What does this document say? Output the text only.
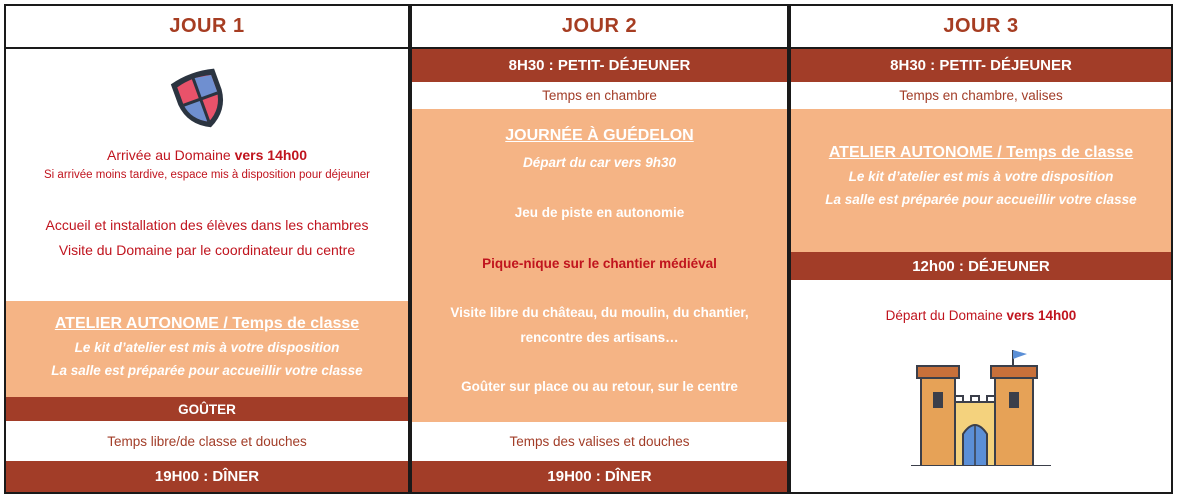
JOUR 1
Arrivée au Domaine vers 14h00
Si arrivée moins tardive, espace mis à disposition pour déjeuner
Accueil et installation des élèves dans les chambres
Visite du Domaine par le coordinateur du centre
ATELIER AUTONOME / Temps de classe
Le kit d’atelier est mis à votre disposition
La salle est préparée pour accueillir votre classe
GOÛTER
Temps libre/de classe et douches
19H00 : DÎNER
JOUR 2
8H30 : PETIT- DÉJEUNER
Temps en chambre
JOURNÉE À GUÉDELON
Départ du car vers 9h30
Jeu de piste en autonomie
Pique-nique sur le chantier médiéval
Visite libre du château, du moulin, du chantier,
rencontre des artisans…
Goûter sur place ou au retour, sur le centre
Temps des valises et douches
19H00 : DÎNER
JOUR 3
8H30 : PETIT- DÉJEUNER
Temps en chambre, valises
ATELIER AUTONOME / Temps de classe
Le kit d’atelier est mis à votre disposition
La salle est préparée pour accueillir votre classe
12h00 : DÉJEUNER
Départ du Domaine vers 14h00
